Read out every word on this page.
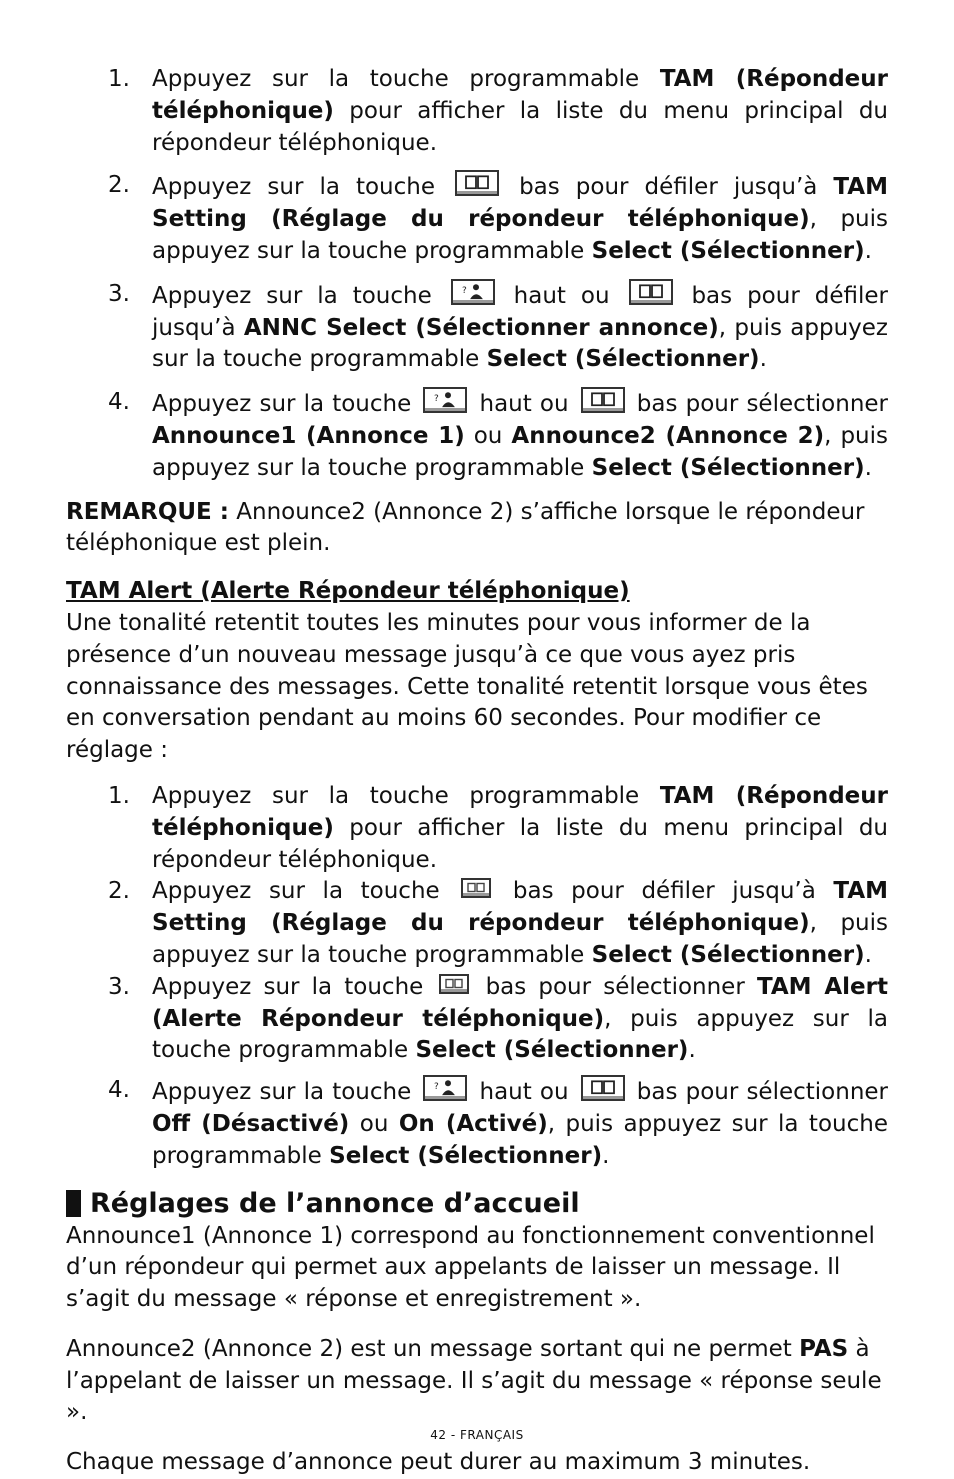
1. Appuyez sur la touche programmable TAM (Répondeur téléphonique) pour afficher la liste du menu principal du répondeur téléphonique.
2. Appuyez sur la touche
bas pour défiler jusqu’à TAM Setting (Réglage du répondeur téléphonique), puis appuyez sur la touche programmable Select (Sélectionner).
3. Appuyez sur la touche ? haut ou
bas pour défiler jusqu’à ANNC Select (Sélectionner annonce), puis appuyez sur la touche programmable Select (Sélectionner).
4. Appuyez sur la touche ? haut ou
bas pour sélectionner Announce1 (Annonce 1) ou Announce2 (Annonce 2), puis appuyez sur la touche programmable Select (Sélectionner).

REMARQUE : Announce2 (Annonce 2) s’affiche lorsque le répondeur téléphonique est plein.

TAM Alert (Alerte Répondeur téléphonique)

Une tonalité retentit toutes les minutes pour vous informer de la présence d’un nouveau message jusqu’à ce que vous ayez pris connaissance des messages. Cette tonalité retentit lorsque vous êtes en conversation pendant au moins 60 secondes. Pour modifier ce réglage :

1. Appuyez sur la touche programmable TAM (Répondeur téléphonique) pour afficher la liste du menu principal du répondeur téléphonique.
2. Appuyez sur la touche
bas pour défiler jusqu’à TAM Setting (Réglage du répondeur téléphonique), puis appuyez sur la touche programmable Select (Sélectionner).
3. Appuyez sur la touche
bas pour sélectionner TAM Alert (Alerte Répondeur téléphonique), puis appuyez sur la touche programmable Select (Sélectionner).
4. Appuyez sur la touche ? haut ou
bas pour sélectionner Off (Désactivé) ou On (Activé), puis appuyez sur la touche programmable Select (Sélectionner).
Réglages de l’annonce d’accueil

Announce1 (Annonce 1) correspond au fonctionnement conventionnel d’un répondeur qui permet aux appelants de laisser un message. Il s’agit du message « réponse et enregistrement ».

Announce2 (Annonce 2) est un message sortant qui ne permet PAS à l’appelant de laisser un message. Il s’agit du message « réponse seule ».

Chaque message d’annonce peut durer au maximum 3 minutes.

42 - FRANÇAIS
